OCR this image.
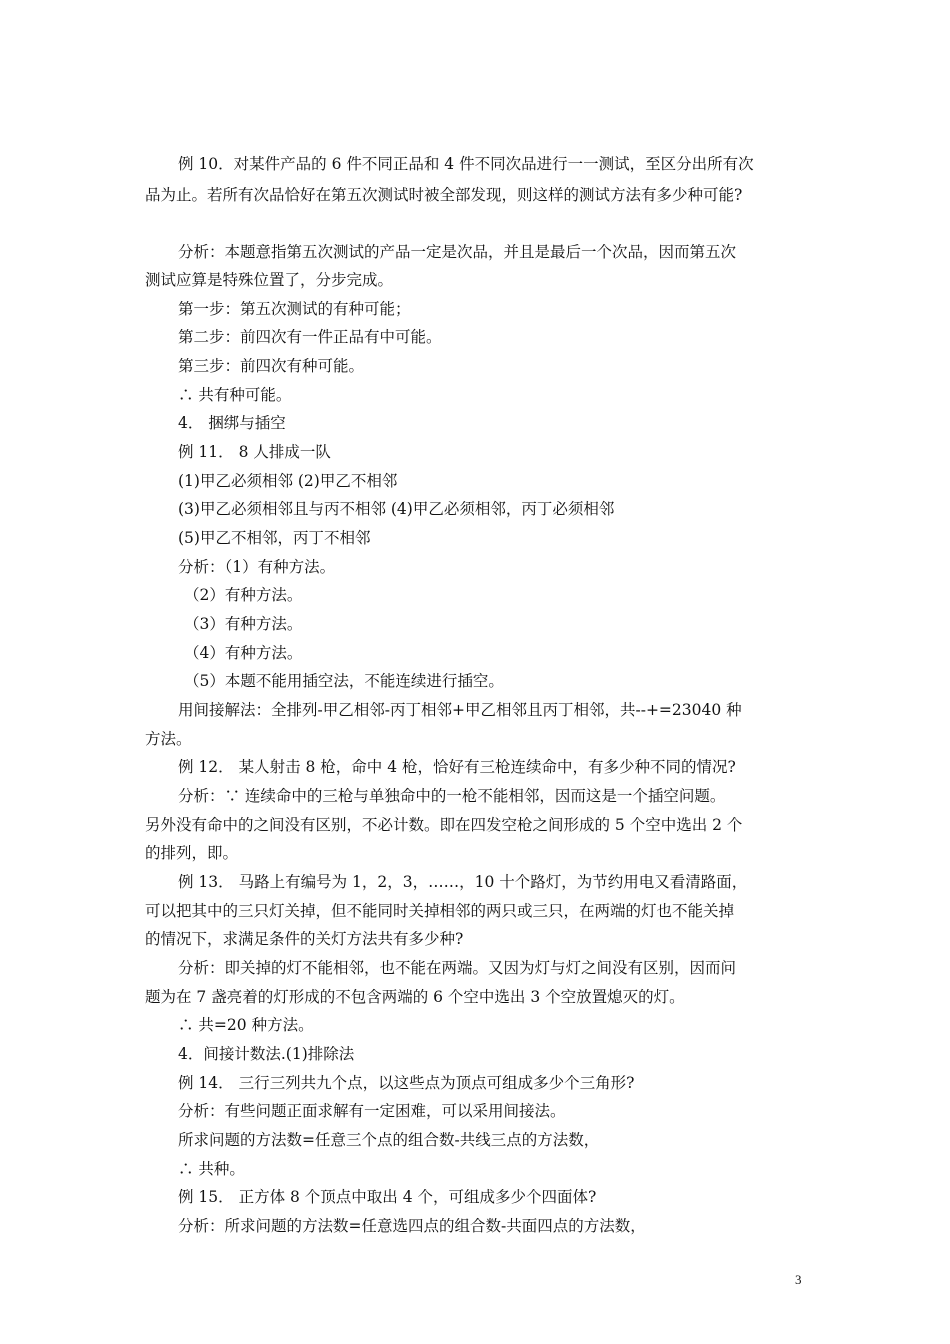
例 10．对某件产品的 6 件不同正品和 4 件不同次品进行一一测试，至区分出所有次
品为止。若所有次品恰好在第五次测试时被全部发现，则这样的测试方法有多少种可能?
分析：本题意指第五次测试的产品一定是次品，并且是最后一个次品，因而第五次
测试应算是特殊位置了，分步完成。
第一步：第五次测试的有种可能；
第二步：前四次有一件正品有中可能。
第三步：前四次有种可能。
∴ 共有种可能。
4． 捆绑与插空
例 11． 8 人排成一队
(1)甲乙必须相邻 (2)甲乙不相邻
(3)甲乙必须相邻且与丙不相邻 (4)甲乙必须相邻，丙丁必须相邻
(5)甲乙不相邻，丙丁不相邻
分析：（1）有种方法。
（2）有种方法。
（3）有种方法。
（4）有种方法。
（5）本题不能用插空法，不能连续进行插空。
用间接解法：全排列-甲乙相邻-丙丁相邻+甲乙相邻且丙丁相邻，共--+=23040 种
方法。
例 12． 某人射击 8 枪，命中 4 枪，恰好有三枪连续命中，有多少种不同的情况?
分析：∵ 连续命中的三枪与单独命中的一枪不能相邻，因而这是一个插空问题。
另外没有命中的之间没有区别，不必计数。即在四发空枪之间形成的 5 个空中选出 2 个
的排列，即。
例 13． 马路上有编号为 1，2，3，……，10 十个路灯，为节约用电又看清路面，
可以把其中的三只灯关掉，但不能同时关掉相邻的两只或三只，在两端的灯也不能关掉
的情况下，求满足条件的关灯方法共有多少种?
分析：即关掉的灯不能相邻，也不能在两端。又因为灯与灯之间没有区别，因而问
题为在 7 盏亮着的灯形成的不包含两端的 6 个空中选出 3 个空放置熄灭的灯。
∴ 共=20 种方法。
4．间接计数法.(1)排除法
例 14． 三行三列共九个点，以这些点为顶点可组成多少个三角形?
分析：有些问题正面求解有一定困难，可以采用间接法。
所求问题的方法数=任意三个点的组合数-共线三点的方法数，
∴ 共种。
例 15． 正方体 8 个顶点中取出 4 个，可组成多少个四面体?
分析：所求问题的方法数=任意选四点的组合数-共面四点的方法数，
3
